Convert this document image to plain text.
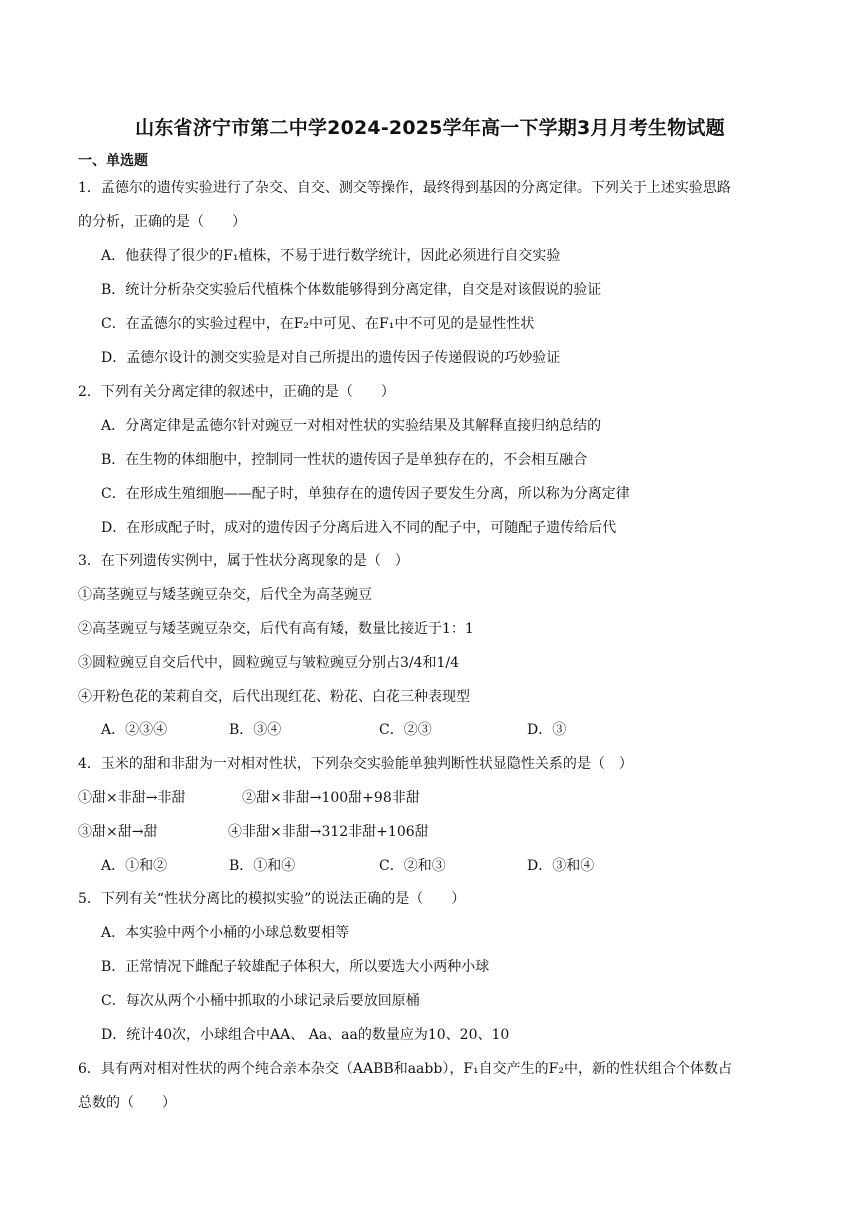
山东省济宁市第二中学2024-2025学年高一下学期3月月考生物试题
一、单选题
1．孟德尔的遗传实验进行了杂交、自交、测交等操作，最终得到基因的分离定律。下列关于上述实验思路
的分析，正确的是（　　）
A．他获得了很少的F₁植株，不易于进行数学统计，因此必须进行自交实验
B．统计分析杂交实验后代植株个体数能够得到分离定律，自交是对该假说的验证
C．在孟德尔的实验过程中，在F₂中可见、在F₁中不可见的是显性性状
D．孟德尔设计的测交实验是对自己所提出的遗传因子传递假说的巧妙验证
2．下列有关分离定律的叙述中，正确的是（　　）
A．分离定律是孟德尔针对豌豆一对相对性状的实验结果及其解释直接归纳总结的
B．在生物的体细胞中，控制同一性状的遗传因子是单独存在的，不会相互融合
C．在形成生殖细胞——配子时，单独存在的遗传因子要发生分离，所以称为分离定律
D．在形成配子时，成对的遗传因子分离后进入不同的配子中，可随配子遗传给后代
3．在下列遗传实例中，属于性状分离现象的是（　）
①高茎豌豆与矮茎豌豆杂交，后代全为高茎豌豆
②高茎豌豆与矮茎豌豆杂交，后代有高有矮，数量比接近于1：1
③圆粒豌豆自交后代中，圆粒豌豆与皱粒豌豆分别占3/4和1/4
④开粉色花的茉莉自交，后代出现红花、粉花、白花三种表现型
A．②③④	B．③④	C．②③	D．③
4．玉米的甜和非甜为一对相对性状，下列杂交实验能单独判断性状显隐性关系的是（　）
①甜×非甜→非甜	②甜×非甜→100甜+98非甜
③甜×甜→甜	④非甜×非甜→312非甜+106甜
A．①和②	B．①和④	C．②和③	D．③和④
5．下列有关“性状分离比的模拟实验”的说法正确的是（　　）
A．本实验中两个小桶的小球总数要相等
B．正常情况下雌配子较雄配子体积大，所以要选大小两种小球
C．每次从两个小桶中抓取的小球记录后要放回原桶
D．统计40次，小球组合中AA、 Aa、aa的数量应为10、20、10
6．具有两对相对性状的两个纯合亲本杂交（AABB和aabb），F₁自交产生的F₂中，新的性状组合个体数占
总数的（　　）
